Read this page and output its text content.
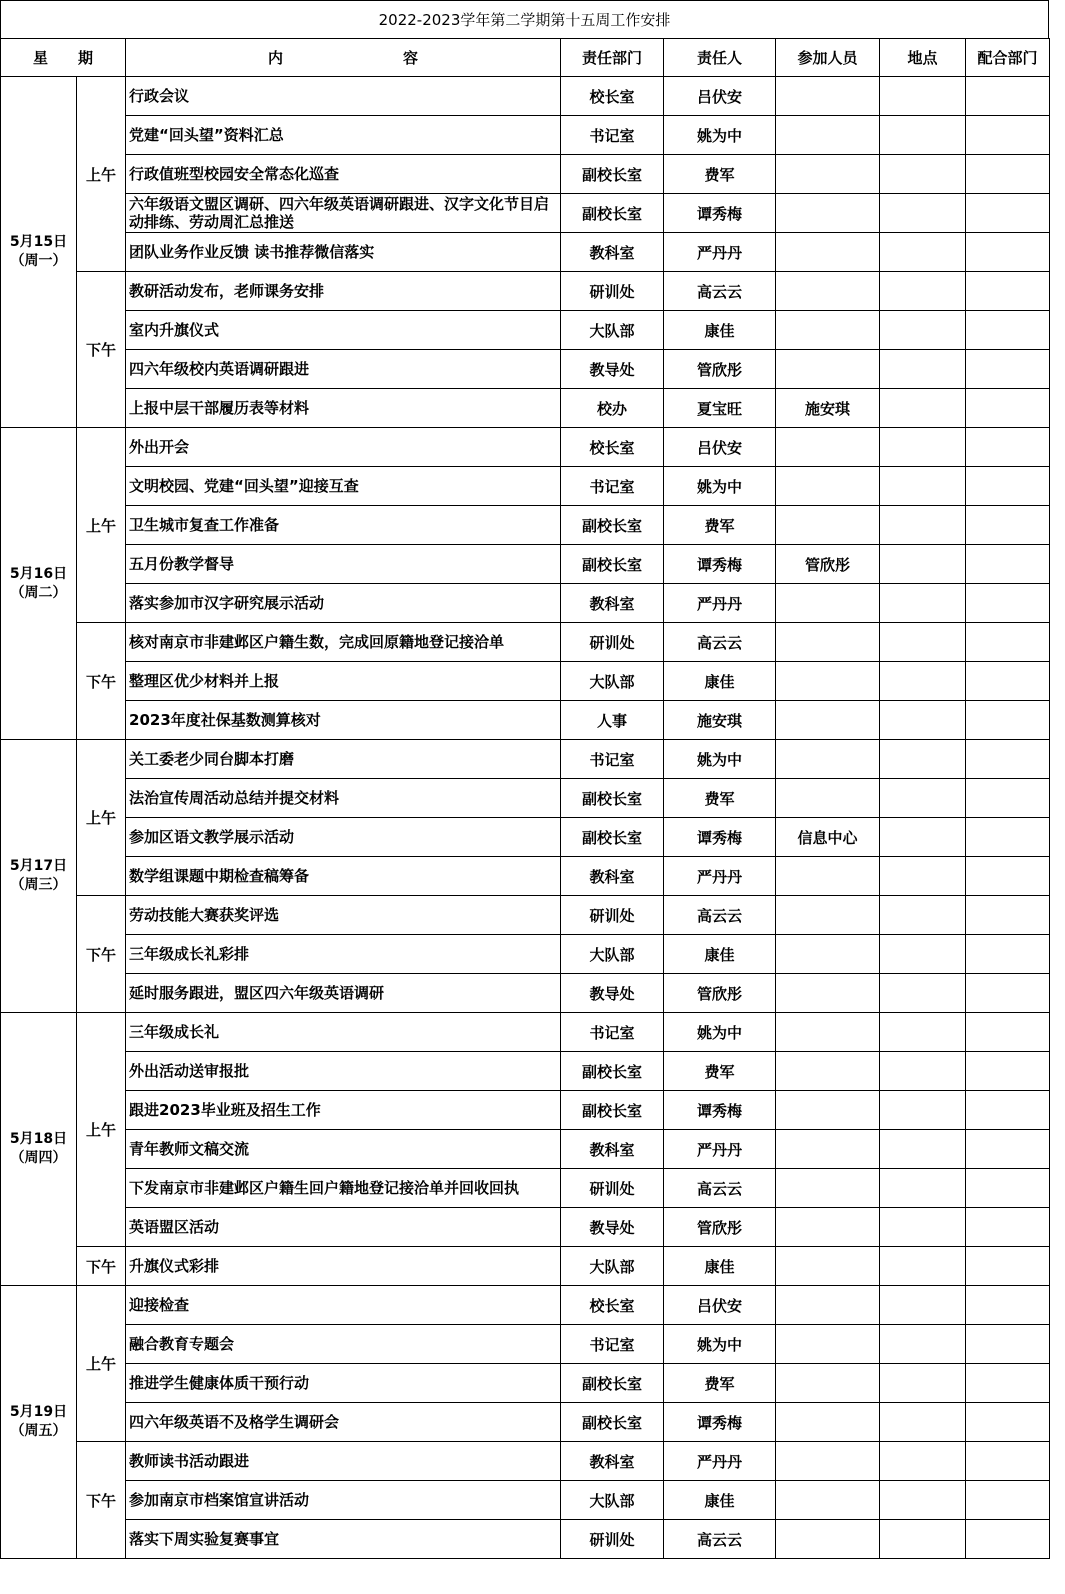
2022-2023学年第二学期第十五周工作安排
星　　期		内　　　　　　　　容	责任部门	责任人	参加人员	地点	配合部门

5月15日
（周一）	上午	行政会议	校长室	吕伏安			
		党建“回头望”资料汇总	书记室	姚为中			
		行政值班型校园安全常态化巡查	副校长室	费军			
		六年级语文盟区调研、四六年级英语调研跟进、汉字文化节目启动排练、劳动周汇总推送	副校长室	谭秀梅			
		团队业务作业反馈 读书推荐微信落实	教科室	严丹丹			
	下午	教研活动发布，老师课务安排	研训处	高云云			
		室内升旗仪式	大队部	康佳			
		四六年级校内英语调研跟进	教导处	管欣彤			
		上报中层干部履历表等材料	校办	夏宝旺	施安琪		

5月16日
（周二）	上午	外出开会	校长室	吕伏安			
		文明校园、党建“回头望”迎接互查	书记室	姚为中			
		卫生城市复查工作准备	副校长室	费军			
		五月份教学督导	副校长室	谭秀梅	管欣彤		
		落实参加市汉字研究展示活动	教科室	严丹丹			
	下午	核对南京市非建邺区户籍生数，完成回原籍地登记接洽单	研训处	高云云			
		整理区优少材料并上报	大队部	康佳			
		2023年度社保基数测算核对	人事	施安琪			

5月17日
（周三）	上午	关工委老少同台脚本打磨	书记室	姚为中			
		法治宣传周活动总结并提交材料	副校长室	费军			
		参加区语文教学展示活动	副校长室	谭秀梅	信息中心		
		数学组课题中期检查稿筹备	教科室	严丹丹			
	下午	劳动技能大赛获奖评选	研训处	高云云			
		三年级成长礼彩排	大队部	康佳			
		延时服务跟进，盟区四六年级英语调研	教导处	管欣彤			

5月18日
（周四）	上午	三年级成长礼	书记室	姚为中			
		外出活动送审报批	副校长室	费军			
		跟进2023毕业班及招生工作	副校长室	谭秀梅			
		青年教师文稿交流	教科室	严丹丹			
		下发南京市非建邺区户籍生回户籍地登记接洽单并回收回执	研训处	高云云			
		英语盟区活动	教导处	管欣彤			
	下午	升旗仪式彩排	大队部	康佳			

5月19日
（周五）	上午	迎接检查	校长室	吕伏安			
		融合教育专题会	书记室	姚为中			
		推进学生健康体质干预行动	副校长室	费军			
		四六年级英语不及格学生调研会	副校长室	谭秀梅			
	下午	教师读书活动跟进	教科室	严丹丹			
		参加南京市档案馆宣讲活动	大队部	康佳			
		落实下周实验复赛事宜	研训处	高云云			
